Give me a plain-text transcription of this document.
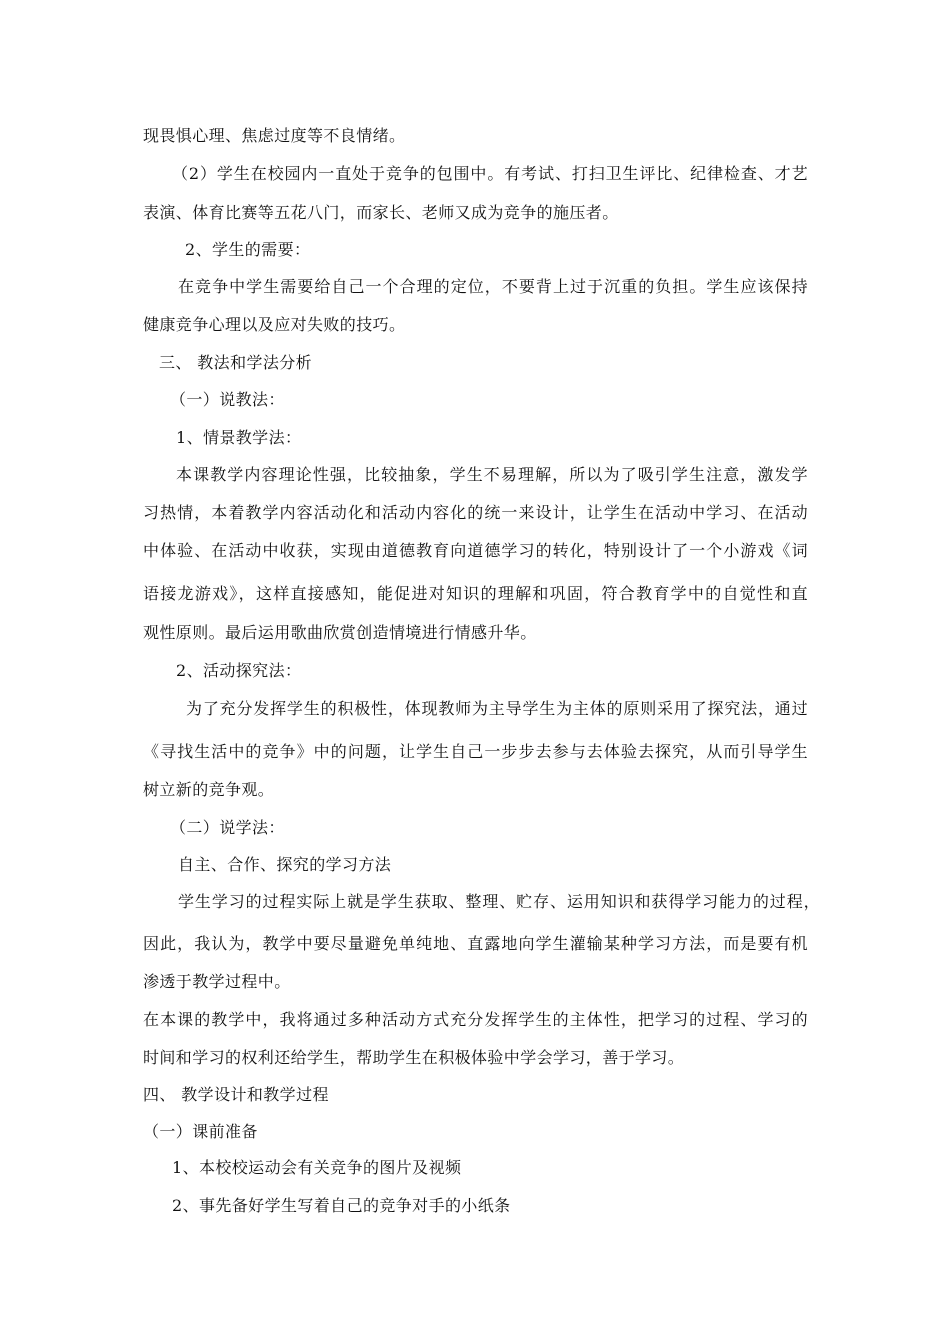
现畏惧心理、焦虑过度等不良情绪。
（2）学生在校园内一直处于竞争的包围中。有考试、打扫卫生评比、纪律检查、才艺
表演、体育比赛等五花八门，而家长、老师又成为竞争的施压者。
2、学生的需要：
在竞争中学生需要给自己一个合理的定位，不要背上过于沉重的负担。学生应该保持
健康竞争心理以及应对失败的技巧。
三、 教法和学法分析
（一）说教法：
1、情景教学法：
本课教学内容理论性强，比较抽象，学生不易理解，所以为了吸引学生注意，激发学
习热情，本着教学内容活动化和活动内容化的统一来设计，让学生在活动中学习、在活动
中体验、在活动中收获，实现由道德教育向道德学习的转化，特别设计了一个小游戏《词
语接龙游戏》，这样直接感知，能促进对知识的理解和巩固，符合教育学中的自觉性和直
观性原则。最后运用歌曲欣赏创造情境进行情感升华。
2、活动探究法：
为了充分发挥学生的积极性，体现教师为主导学生为主体的原则采用了探究法，通过
《寻找生活中的竞争》中的问题，让学生自己一步步去参与去体验去探究，从而引导学生
树立新的竞争观。
（二）说学法：
自主、合作、探究的学习方法
学生学习的过程实际上就是学生获取、整理、贮存、运用知识和获得学习能力的过程，
因此，我认为，教学中要尽量避免单纯地、直露地向学生灌输某种学习方法，而是要有机
渗透于教学过程中。
在本课的教学中，我将通过多种活动方式充分发挥学生的主体性，把学习的过程、学习的
时间和学习的权利还给学生，帮助学生在积极体验中学会学习，善于学习。
四、 教学设计和教学过程
（一）课前准备
1、本校校运动会有关竞争的图片及视频
2、事先备好学生写着自己的竞争对手的小纸条
